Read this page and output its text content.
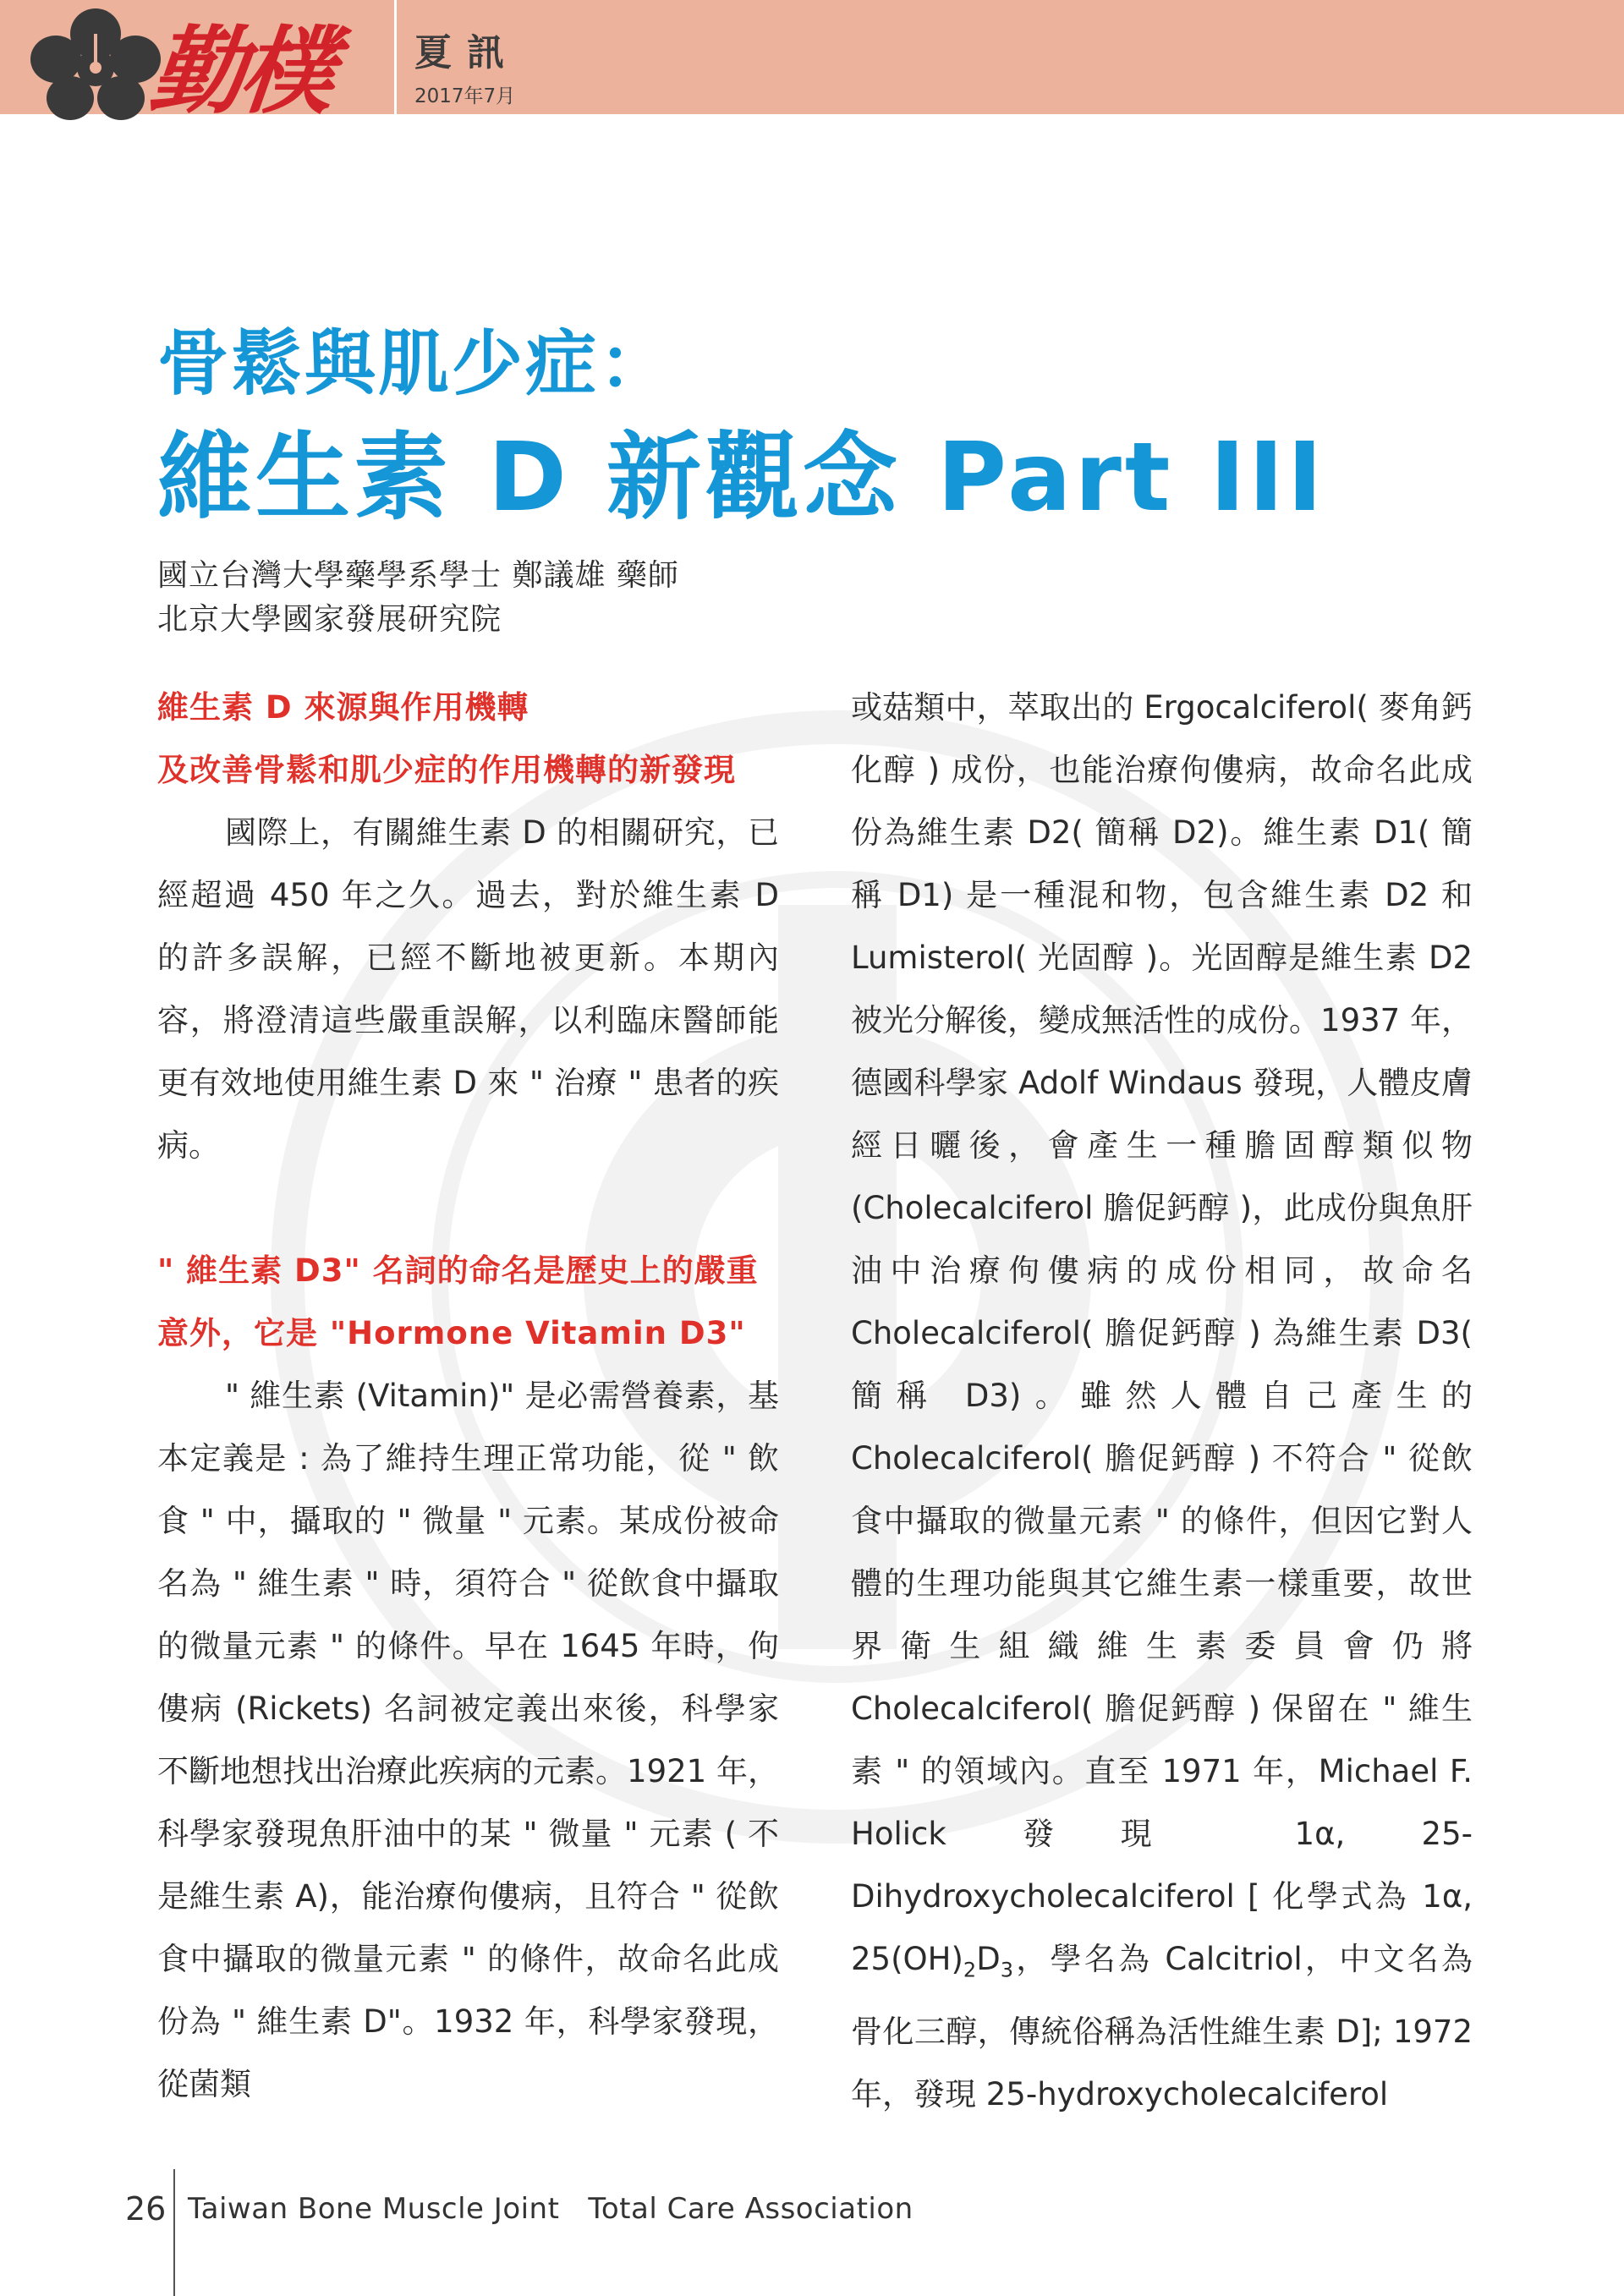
勤樸 夏訊
2017年7月
骨鬆與肌少症：
維生素 D 新觀念 Part III
國立台灣大學藥學系學士 鄭議雄 藥師
北京大學國家發展研究院
維生素 D 來源與作用機轉
及改善骨鬆和肌少症的作用機轉的新發現

國際上，有關維生素 D 的相關研究，已經超過 450 年之久。過去，對於維生素 D 的許多誤解，已經不斷地被更新。本期內容，將澄清這些嚴重誤解，以利臨床醫師能更有效地使用維生素 D 來 " 治療 " 患者的疾病。

" 維生素 D3" 名詞的命名是歷史上的嚴重
意外，它是 "Hormone Vitamin D3"

" 維生素 (Vitamin)" 是必需營養素，基本定義是 : 為了維持生理正常功能，從 " 飲食 " 中，攝取的 " 微量 " 元素。某成份被命名為 " 維生素 " 時，須符合 " 從飲食中攝取的微量元素 " 的條件。早在 1645 年時，佝僂病 (Rickets) 名詞被定義出來後，科學家不斷地想找出治療此疾病的元素。1921 年，科學家發現魚肝油中的某 " 微量 " 元素 ( 不是維生素 A)，能治療佝僂病，且符合 " 從飲食中攝取的微量元素 " 的條件，故命名此成份為 " 維生素 D"。1932 年，科學家發現，從菌類

或菇類中，萃取出的 Ergocalciferol( 麥角鈣化醇 ) 成份，也能治療佝僂病，故命名此成份為維生素 D2( 簡稱 D2)。維生素 D1( 簡稱 D1) 是一種混和物，包含維生素 D2 和 Lumisterol( 光固醇 )。光固醇是維生素 D2 被光分解後，變成無活性的成份。1937 年，德國科學家 Adolf Windaus 發現，人體皮膚經日曬後，會產生一種膽固醇類似物 (Cholecalciferol 膽促鈣醇 )，此成份與魚肝油中治療佝僂病的成份相同，故命名 Cholecalciferol( 膽促鈣醇 ) 為維生素 D3( 簡稱 D3)。雖然人體自己產生的 Cholecalciferol( 膽促鈣醇 ) 不符合 " 從飲食中攝取的微量元素 " 的條件，但因它對人體的生理功能與其它維生素一樣重要，故世界衛生組織維生素委員會仍將 Cholecalciferol( 膽促鈣醇 ) 保留在 " 維生素 " 的領域內。直至 1971 年，Michael F. Holick 發現 1α, 25-Dihydroxycholecalciferol [ 化學式為 1α, $25(OH)_2D_3$，學名為 Calcitriol，中文名為骨化三醇，傳統俗稱為活性維生素 D]; 1972 年，發現 25-hydroxycholecalciferol

26 Taiwan Bone Muscle Joint   Total Care Association
